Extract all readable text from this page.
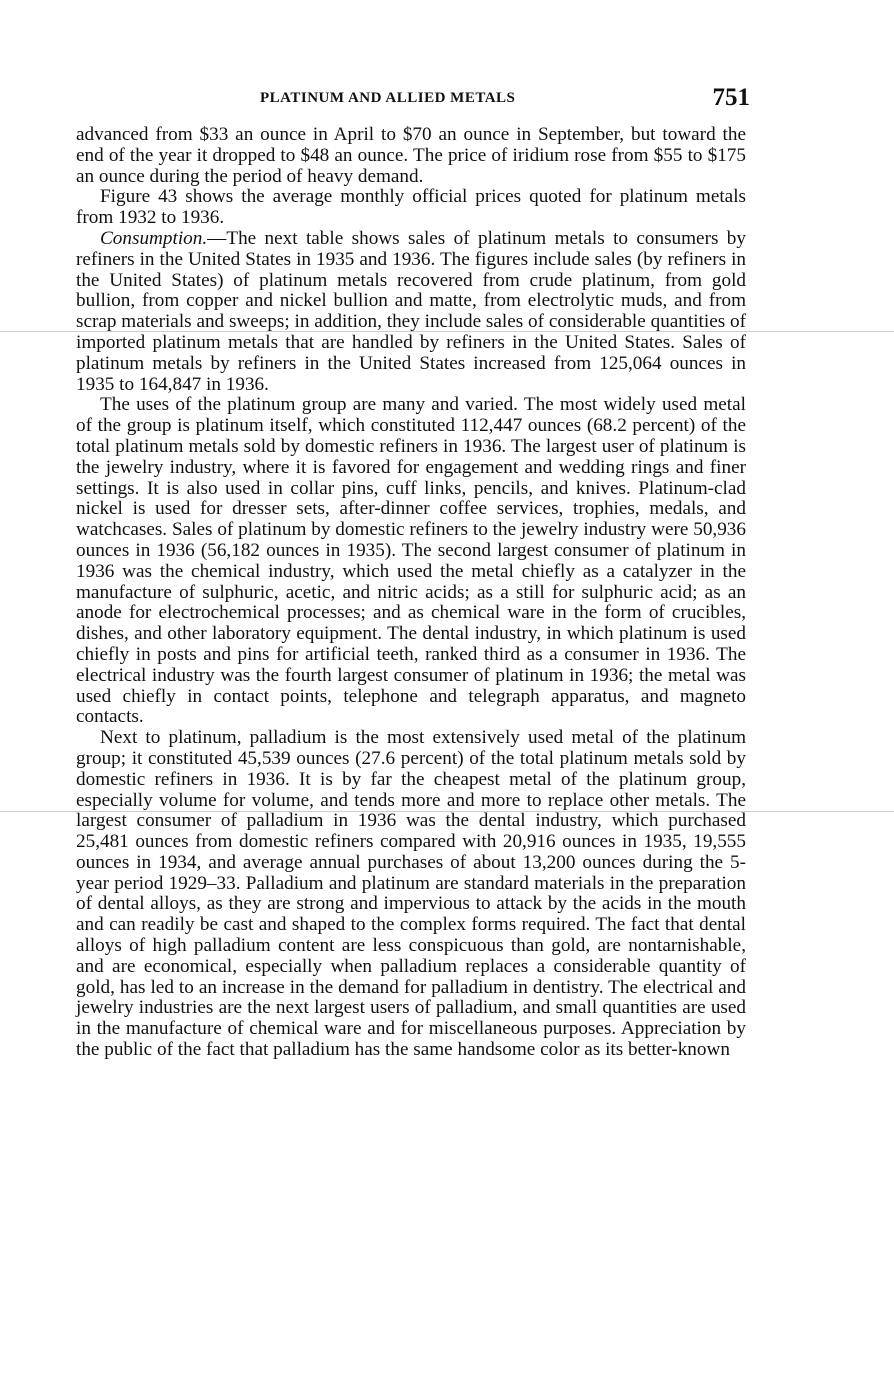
PLATINUM AND ALLIED METALS	751

advanced from $33 an ounce in April to $70 an ounce in September, but toward the end of the year it dropped to $48 an ounce. The price of iridium rose from $55 to $175 an ounce during the period of heavy demand.

Figure 43 shows the average monthly official prices quoted for platinum metals from 1932 to 1936.

Consumption.—The next table shows sales of platinum metals to consumers by refiners in the United States in 1935 and 1936. The figures include sales (by refiners in the United States) of platinum metals recovered from crude platinum, from gold bullion, from copper and nickel bullion and matte, from electrolytic muds, and from scrap materials and sweeps; in addition, they include sales of considerable quantities of imported platinum metals that are handled by refiners in the United States. Sales of platinum metals by refiners in the United States increased from 125,064 ounces in 1935 to 164,847 in 1936.

The uses of the platinum group are many and varied. The most widely used metal of the group is platinum itself, which constituted 112,447 ounces (68.2 percent) of the total platinum metals sold by domestic refiners in 1936. The largest user of platinum is the jewelry industry, where it is favored for engagement and wedding rings and finer settings. It is also used in collar pins, cuff links, pencils, and knives. Platinum-clad nickel is used for dresser sets, after-dinner coffee services, trophies, medals, and watchcases. Sales of platinum by domestic refiners to the jewelry industry were 50,936 ounces in 1936 (56,182 ounces in 1935). The second largest consumer of platinum in 1936 was the chemical industry, which used the metal chiefly as a catalyzer in the manufacture of sulphuric, acetic, and nitric acids; as a still for sulphuric acid; as an anode for electrochemical processes; and as chemical ware in the form of crucibles, dishes, and other laboratory equipment. The dental industry, in which platinum is used chiefly in posts and pins for artificial teeth, ranked third as a consumer in 1936. The electrical industry was the fourth largest consumer of platinum in 1936; the metal was used chiefly in contact points, telephone and telegraph apparatus, and magneto contacts.

Next to platinum, palladium is the most extensively used metal of the platinum group; it constituted 45,539 ounces (27.6 percent) of the total platinum metals sold by domestic refiners in 1936. It is by far the cheapest metal of the platinum group, especially volume for volume, and tends more and more to replace other metals. The largest consumer of palladium in 1936 was the dental industry, which purchased 25,481 ounces from domestic refiners compared with 20,916 ounces in 1935, 19,555 ounces in 1934, and average annual purchases of about 13,200 ounces during the 5-year period 1929–33. Palladium and platinum are standard materials in the preparation of dental alloys, as they are strong and impervious to attack by the acids in the mouth and can readily be cast and shaped to the complex forms required. The fact that dental alloys of high palladium content are less conspicuous than gold, are nontarnishable, and are economical, especially when palladium replaces a considerable quantity of gold, has led to an increase in the demand for palladium in dentistry. The electrical and jewelry industries are the next largest users of palladium, and small quantities are used in the manufacture of chemical ware and for miscellaneous purposes. Appreciation by the public of the fact that palladium has the same handsome color as its better-known
